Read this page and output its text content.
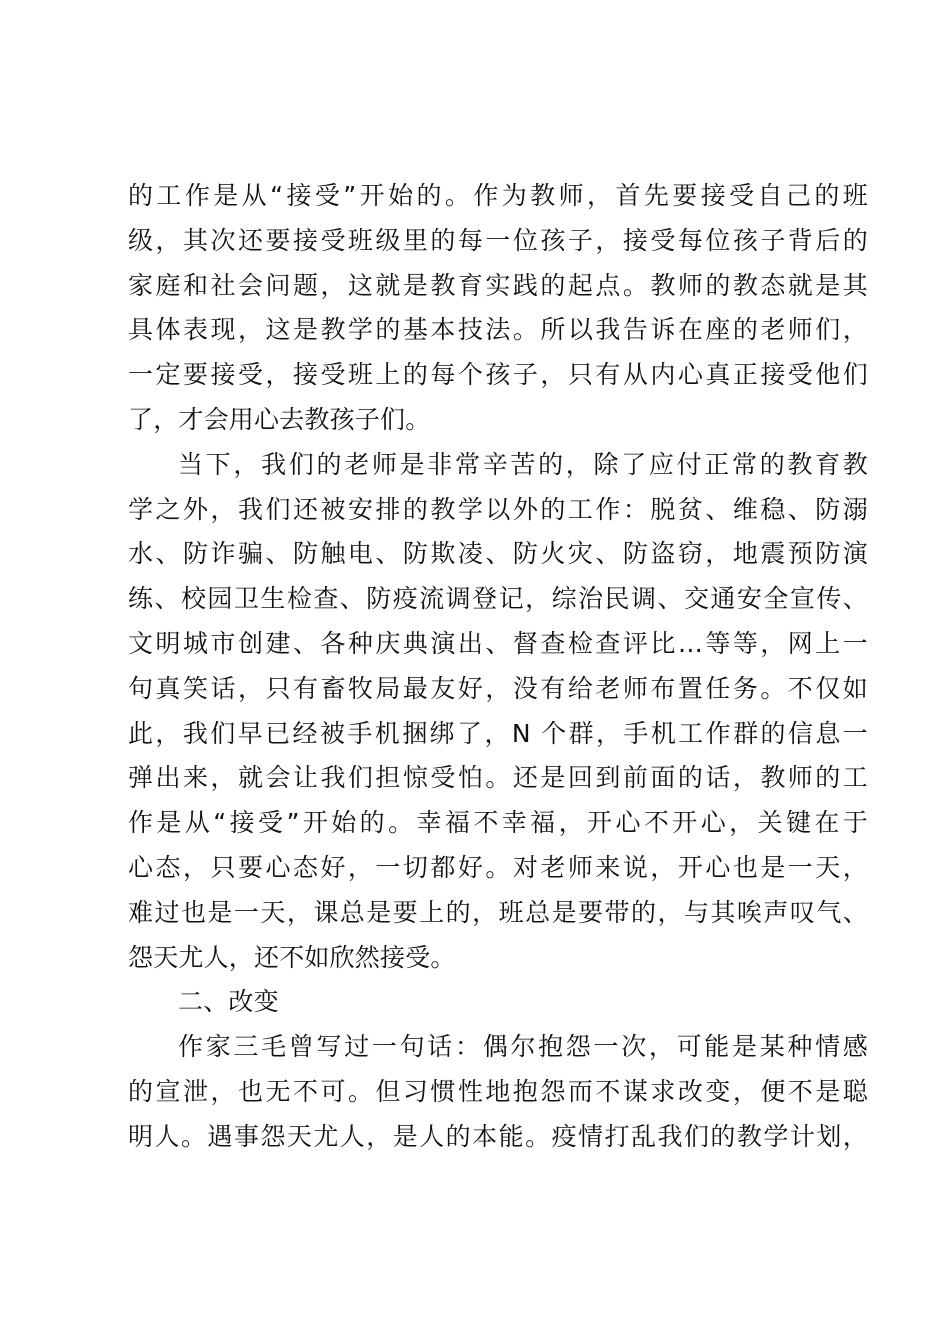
的工作是从“接受”开始的。作为教师，首先要接受自己的班
级，其次还要接受班级里的每一位孩子，接受每位孩子背后的
家庭和社会问题，这就是教育实践的起点。教师的教态就是其
具体表现，这是教学的基本技法。所以我告诉在座的老师们，
一定要接受，接受班上的每个孩子，只有从内心真正接受他们
了，才会用心去教孩子们。
当下，我们的老师是非常辛苦的，除了应付正常的教育教
学之外，我们还被安排的教学以外的工作：脱贫、维稳、防溺
水、防诈骗、防触电、防欺凌、防火灾、防盗窃，地震预防演
练、校园卫生检查、防疫流调登记，综治民调、交通安全宣传、
文明城市创建、各种庆典演出、督查检查评比…等等，网上一
句真笑话，只有畜牧局最友好，没有给老师布置任务。不仅如
此，我们早已经被手机捆绑了，N 个群，手机工作群的信息一
弹出来，就会让我们担惊受怕。还是回到前面的话，教师的工
作是从“接受”开始的。幸福不幸福，开心不开心，关键在于
心态，只要心态好，一切都好。对老师来说，开心也是一天，
难过也是一天，课总是要上的，班总是要带的，与其唉声叹气、
怨天尤人，还不如欣然接受。
二、改变
作家三毛曾写过一句话：偶尔抱怨一次，可能是某种情感
的宣泄，也无不可。但习惯性地抱怨而不谋求改变，便不是聪
明人。遇事怨天尤人，是人的本能。疫情打乱我们的教学计划，
